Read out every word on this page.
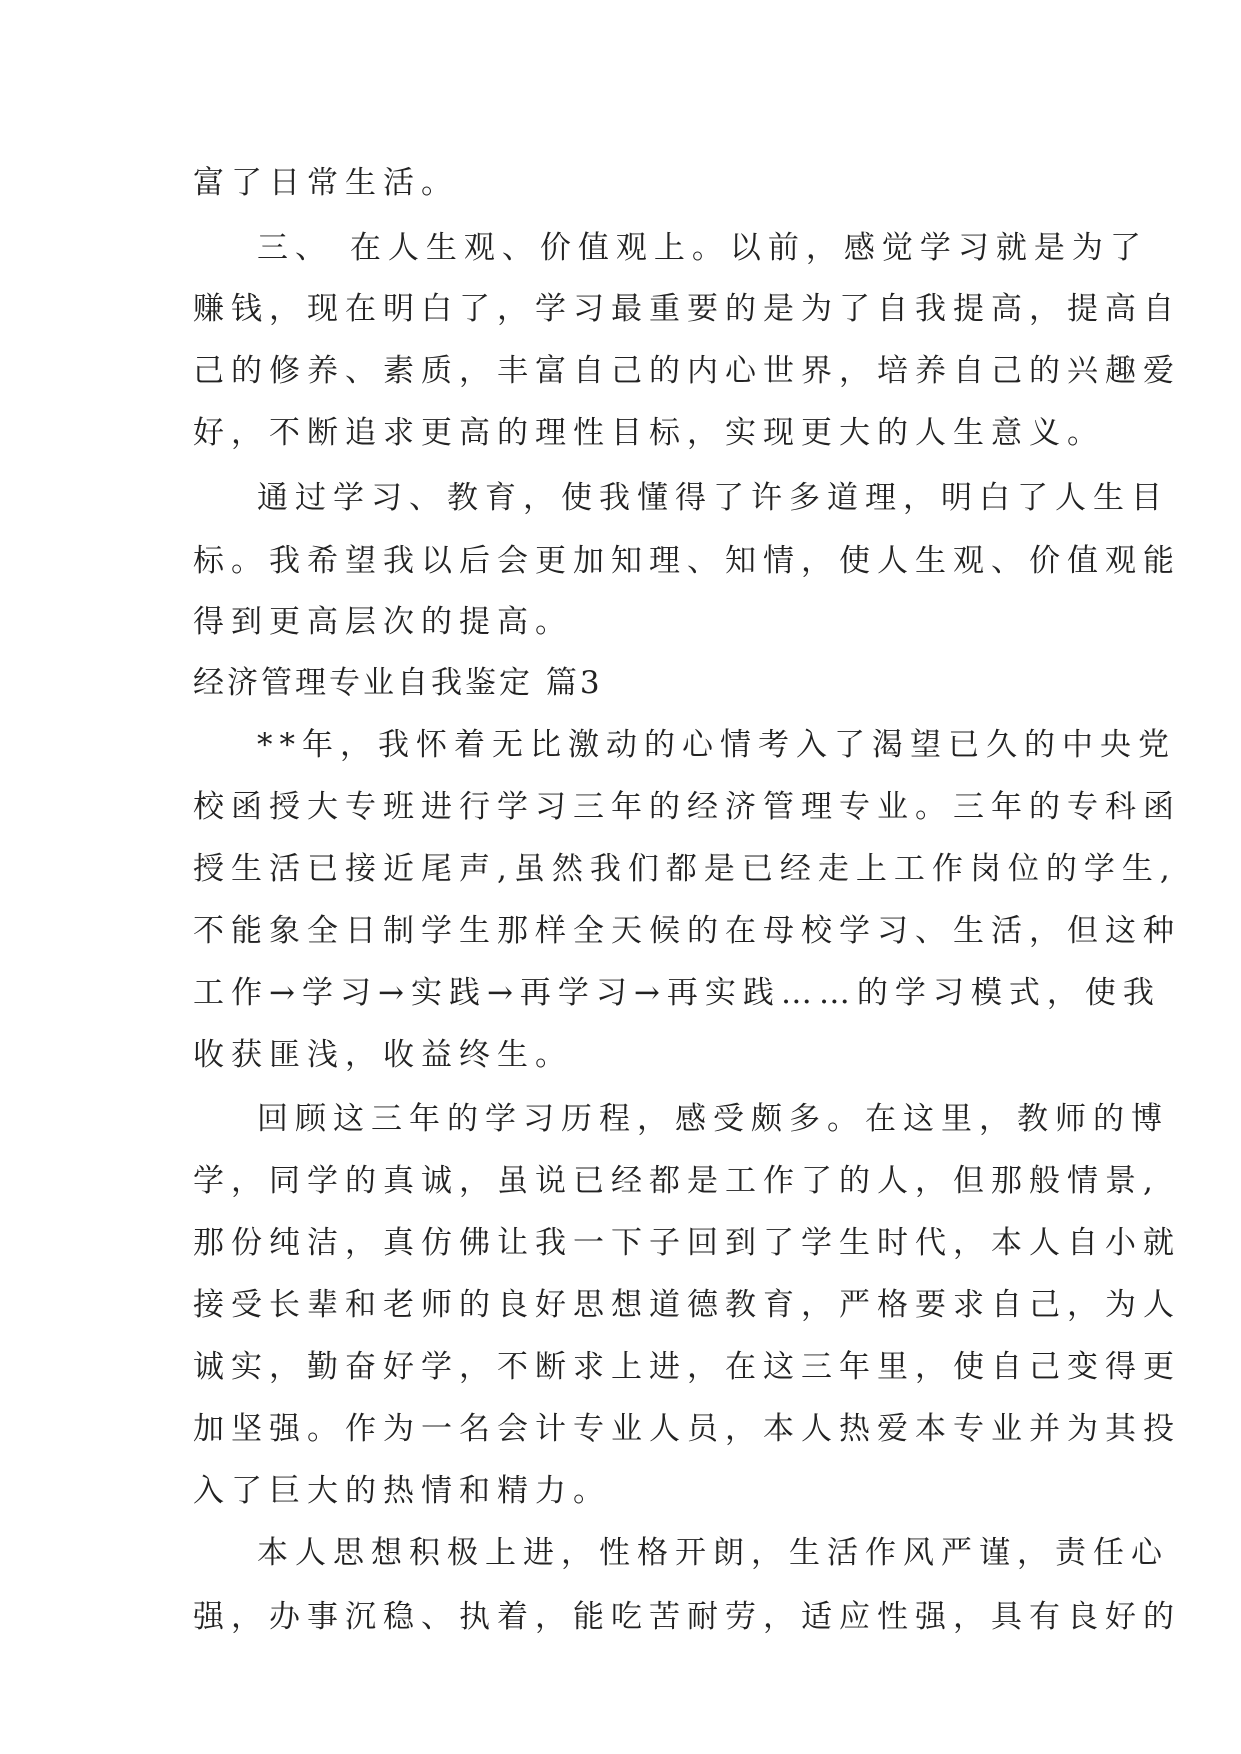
富了日常生活。
三、 在人生观、价值观上。以前，感觉学习就是为了
赚钱，现在明白了，学习最重要的是为了自我提高，提高自
己的修养、素质，丰富自己的内心世界，培养自己的兴趣爱
好，不断追求更高的理性目标，实现更大的人生意义。
通过学习、教育，使我懂得了许多道理，明白了人生目
标。我希望我以后会更加知理、知情，使人生观、价值观能
得到更高层次的提高。
经济管理专业自我鉴定 篇3
**年，我怀着无比激动的心情考入了渴望已久的中央党
校函授大专班进行学习三年的经济管理专业。三年的专科函
授生活已接近尾声,虽然我们都是已经走上工作岗位的学生,
不能象全日制学生那样全天候的在母校学习、生活，但这种
工作→学习→实践→再学习→再实践……的学习模式，使我
收获匪浅，收益终生。
回顾这三年的学习历程，感受颇多。在这里，教师的博
学，同学的真诚，虽说已经都是工作了的人，但那般情景,
那份纯洁，真仿佛让我一下子回到了学生时代，本人自小就
接受长辈和老师的良好思想道德教育，严格要求自己，为人
诚实，勤奋好学，不断求上进，在这三年里，使自己变得更
加坚强。作为一名会计专业人员，本人热爱本专业并为其投
入了巨大的热情和精力。
本人思想积极上进，性格开朗，生活作风严谨，责任心
强，办事沉稳、执着，能吃苦耐劳，适应性强，具有良好的
